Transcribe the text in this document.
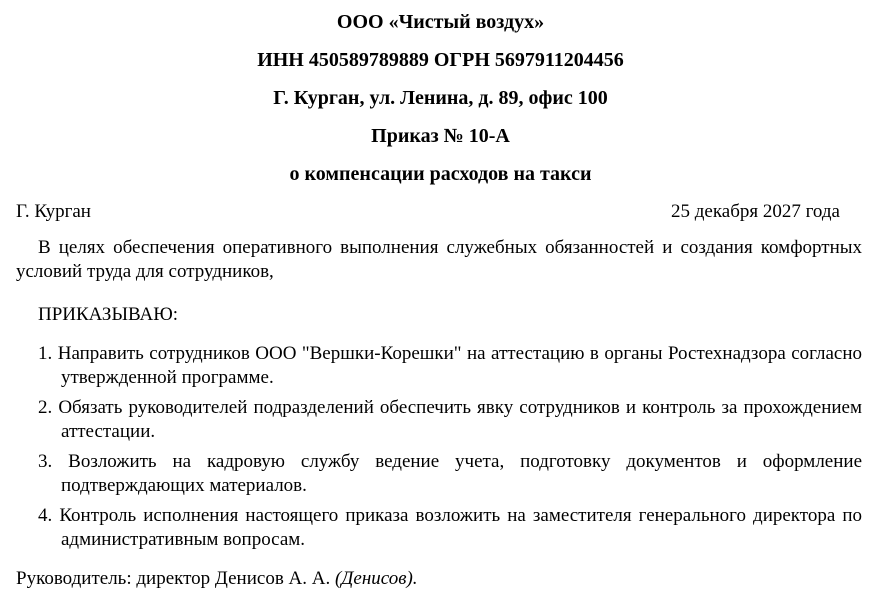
ООО «Чистый воздух»
ИНН 450589789889 ОГРН 5697911204456
Г. Курган, ул. Ленина, д. 89, офис 100
Приказ № 10-А
о компенсации расходов на такси
Г. Курган	25 декабря 2027 года
В целях обеспечения оперативного выполнения служебных обязанностей и создания комфортных условий труда для сотрудников,
ПРИКАЗЫВАЮ:
1. Направить сотрудников ООО "Вершки-Корешки" на аттестацию в органы Ростехнадзора согласно утвержденной программе.
2. Обязать руководителей подразделений обеспечить явку сотрудников и контроль за прохождением аттестации.
3. Возложить на кадровую службу ведение учета, подготовку документов и оформление подтверждающих материалов.
4. Контроль исполнения настоящего приказа возложить на заместителя генерального директора по административным вопросам.
Руководитель: директор Денисов А. А. (Денисов).
